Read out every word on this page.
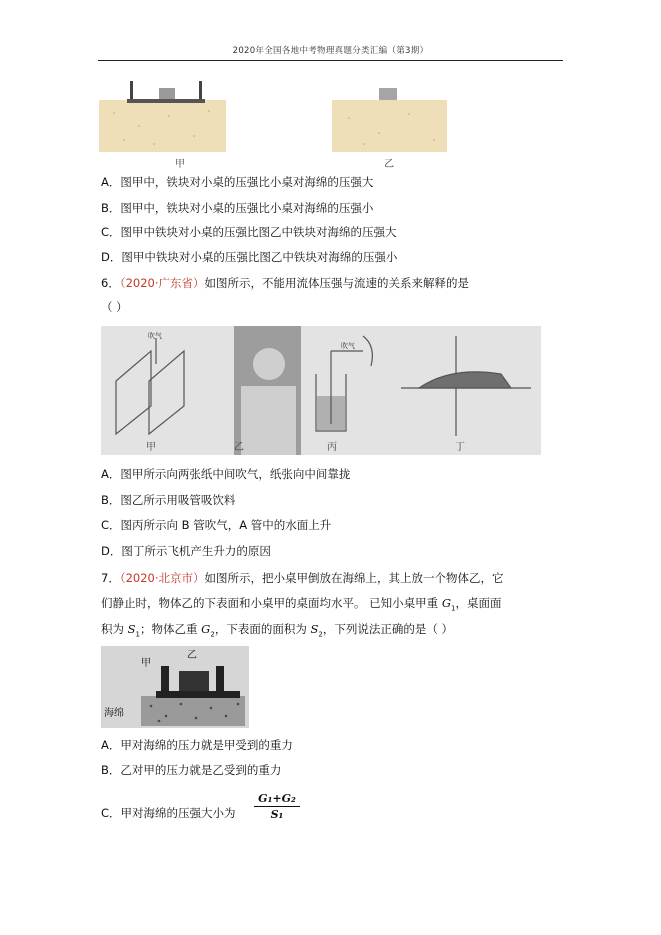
2020年全国各地中考物理真题分类汇编（第3期）
甲	乙
A．图甲中，铁块对小桌的压强比小桌对海绵的压强大
B．图甲中，铁块对小桌的压强比小桌对海绵的压强小
C．图甲中铁块对小桌的压强比图乙中铁块对海绵的压强大
D．图甲中铁块对小桌的压强比图乙中铁块对海绵的压强小
6．（2020·广东省）如图所示，不能用流体压强与流速的关系来解释的是
（ ）
吹气
吹气
甲	乙	丙	丁
A．图甲所示向两张纸中间吹气，纸张向中间靠拢
B．图乙所示用吸管吸饮料
C．图丙所示向 B 管吹气，A 管中的水面上升
D．图丁所示飞机产生升力的原因
7．（2020·北京市）如图所示，把小桌甲倒放在海绵上，其上放一个物体乙，它
们静止时，物体乙的下表面和小桌甲的桌面均水平。 已知小桌甲重 $G_1$，桌面面
积为 $S_1$；物体乙重 $G_2$，下表面的面积为 $S_2$，下列说法正确的是（ ）
甲
乙
海绵
A．甲对海绵的压力就是甲受到的重力
B．乙对甲的压力就是乙受到的重力
C．甲对海绵的压强大小为 $\frac{\text{G₁+G₂}}{\text{S₁}}$
